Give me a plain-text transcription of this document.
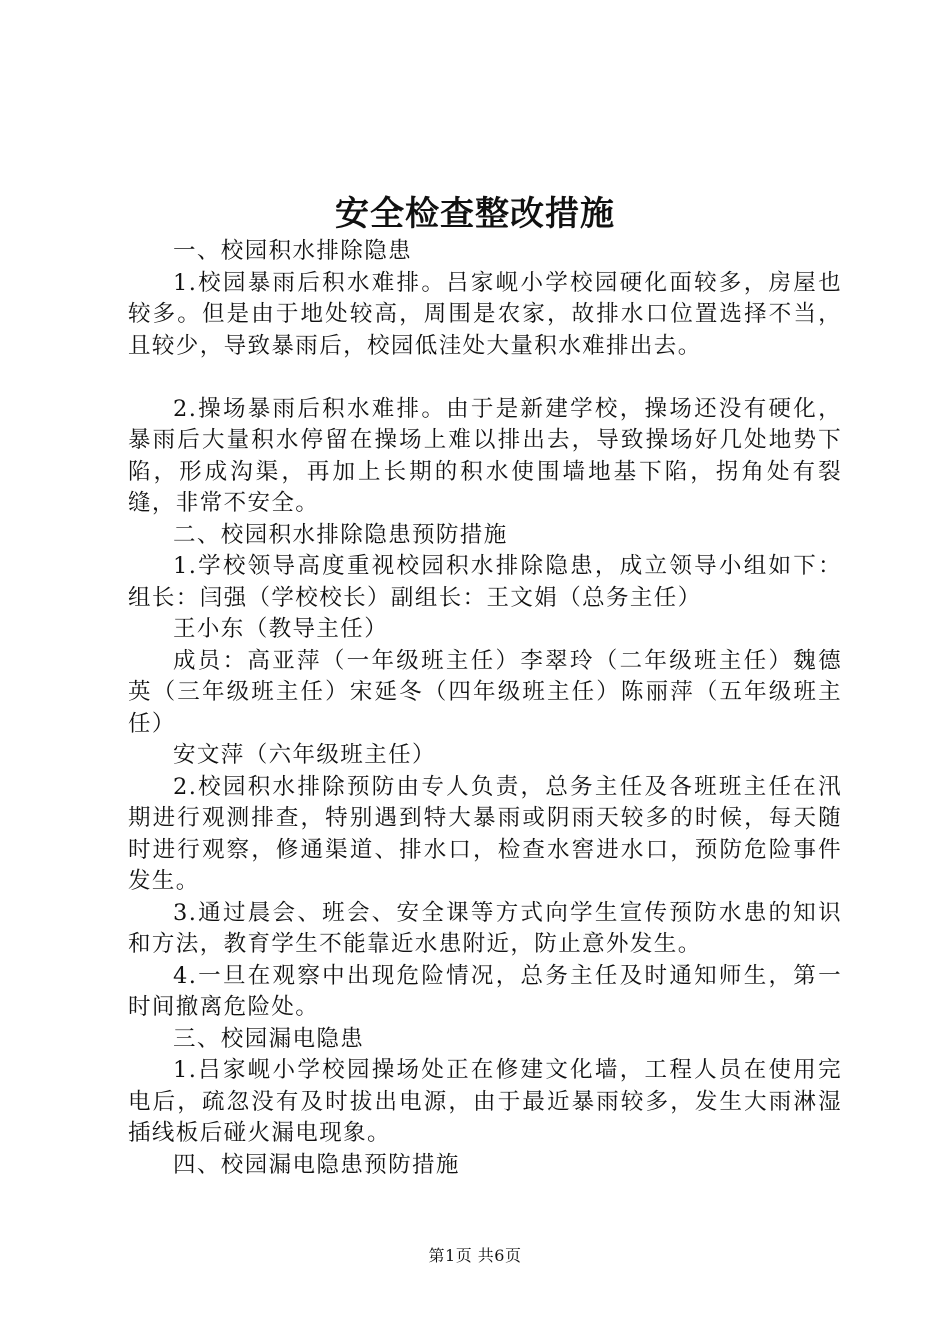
安全检查整改措施

一、校园积水排除隐患

1.校园暴雨后积水难排。吕家岘小学校园硬化面较多，房屋也较多。但是由于地处较高，周围是农家，故排水口位置选择不当，且较少，导致暴雨后，校园低洼处大量积水难排出去。

2.操场暴雨后积水难排。由于是新建学校，操场还没有硬化，暴雨后大量积水停留在操场上难以排出去，导致操场好几处地势下陷，形成沟渠，再加上长期的积水使围墙地基下陷，拐角处有裂缝，非常不安全。

二、校园积水排除隐患预防措施

1.学校领导高度重视校园积水排除隐患，成立领导小组如下：组长：闫强（学校校长）副组长：王文娟（总务主任）

王小东（教导主任）

成员：高亚萍（一年级班主任）李翠玲（二年级班主任）魏德英（三年级班主任）宋延冬（四年级班主任）陈丽萍（五年级班主任）

安文萍（六年级班主任）

2.校园积水排除预防由专人负责，总务主任及各班班主任在汛期进行观测排查，特别遇到特大暴雨或阴雨天较多的时候，每天随时进行观察，修通渠道、排水口，检查水窖进水口，预防危险事件发生。

3.通过晨会、班会、安全课等方式向学生宣传预防水患的知识和方法，教育学生不能靠近水患附近，防止意外发生。

4.一旦在观察中出现危险情况，总务主任及时通知师生，第一时间撤离危险处。

三、校园漏电隐患

1.吕家岘小学校园操场处正在修建文化墙，工程人员在使用完电后，疏忽没有及时拔出电源，由于最近暴雨较多，发生大雨淋湿插线板后碰火漏电现象。

四、校园漏电隐患预防措施

第1页 共6页
